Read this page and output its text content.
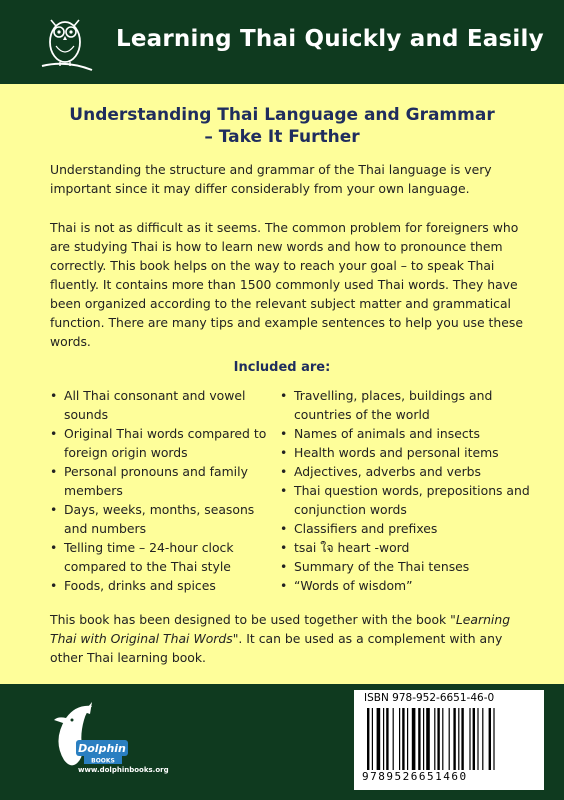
Learning Thai Quickly and Easily
Understanding Thai Language and Grammar
– Take It Further
Understanding the structure and grammar of the Thai language is very important since it may differ considerably from your own language.
Thai is not as difficult as it seems. The common problem for foreigners who are studying Thai is how to learn new words and how to pronounce them correctly. This book helps on the way to reach your goal – to speak Thai fluently. It contains more than 1500 commonly used Thai words. They have been organized according to the relevant subject matter and grammatical function. There are many tips and example sentences to help you use these words.
Included are:
• All Thai consonant and vowel sounds
• Original Thai words compared to foreign origin words
• Personal pronouns and family members
• Days, weeks, months, seasons and numbers
• Telling time – 24-hour clock compared to the Thai style
• Foods, drinks and spices
• Travelling, places, buildings and countries of the world
• Names of animals and insects
• Health words and personal items
• Adjectives, adverbs and verbs
• Thai question words, prepositions and conjunction words
• Classifiers and prefixes
• tsai ใจ heart -word
• Summary of the Thai tenses
• “Words of wisdom”
This book has been designed to be used together with the book "Learning Thai with Original Thai Words". It can be used as a complement with any other Thai learning book.
Dolphin
BOOKS
www.dolphinbooks.org
ISBN 978-952-6651-46-0
9789526651460
